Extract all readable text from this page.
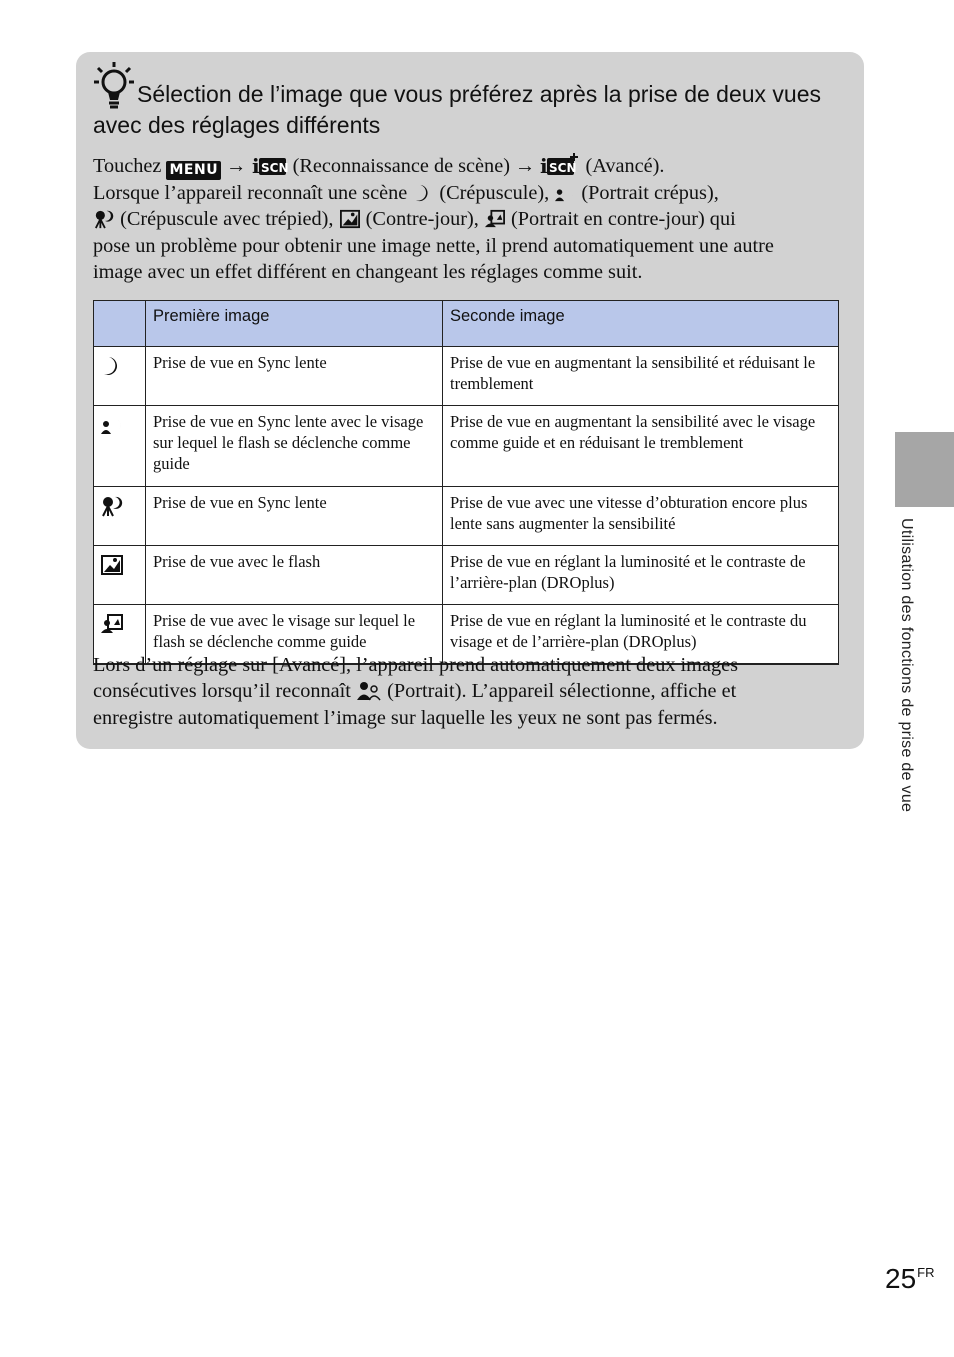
Sélection de l’image que vous préférez après la prise de deux vues avec des réglages différents
Touchez MENU → (Reconnaissance de scène) → (Avancé).
Lorsque l’appareil reconnaît une scène (Crépuscule), (Portrait crépus),
(Crépuscule avec trépied), (Contre-jour), (Portrait en contre-jour) qui
pose un problème pour obtenir une image nette, il prend automatiquement une autre
image avec un effet différent en changeant les réglages comme suit.
	Première image	Seconde image
	Prise de vue en Sync lente	Prise de vue en augmentant la sensibilité et réduisant le tremblement
	Prise de vue en Sync lente avec le visage sur lequel le flash se déclenche comme guide	Prise de vue en augmentant la sensibilité avec le visage comme guide et en réduisant le tremblement
	Prise de vue en Sync lente	Prise de vue avec une vitesse d’obturation encore plus lente sans augmenter la sensibilité
	Prise de vue avec le flash	Prise de vue en réglant la luminosité et le contraste de l’arrière-plan (DROplus)
	Prise de vue avec le visage sur lequel le flash se déclenche comme guide	Prise de vue en réglant la luminosité et le contraste du visage et de l’arrière-plan (DROplus)
Lors d’un réglage sur [Avancé], l’appareil prend automatiquement deux images
consécutives lorsqu’il reconnaît (Portrait). L’appareil sélectionne, affiche et
enregistre automatiquement l’image sur laquelle les yeux ne sont pas fermés.	Utilisation des fonctions de prise de vue
$25^{FR}$
